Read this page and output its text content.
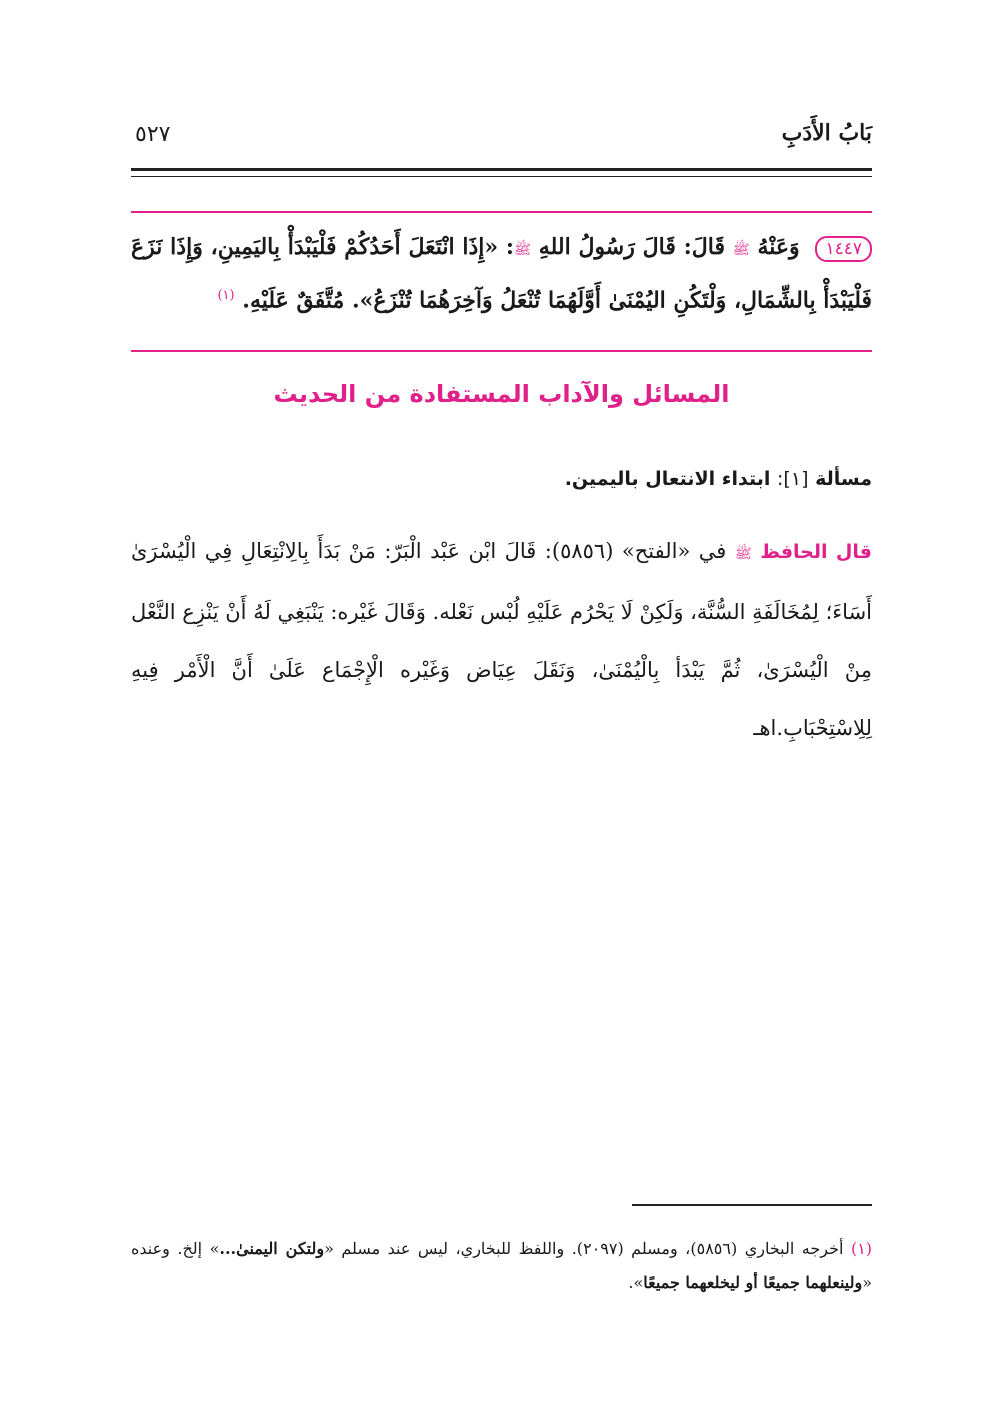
بَابُ الأَدَبِ
٥٢٧
١٤٤٧ وَعَنْهُ ﷺ قَالَ: قَالَ رَسُولُ اللهِ ﷺ: «إِذَا انْتَعَلَ أَحَدُكُمْ فَلْيَبْدَأْ بِاليَمِينِ، وَإِذَا نَزَعَ فَلْيَبْدَأْ بِالشِّمَالِ، وَلْتَكُنِ اليُمْنَىٰ أَوَّلَهُمَا تُنْعَلُ وَآخِرَهُمَا تُنْزَعُ». مُتَّفَقٌ عَلَيْهِ. $^{(١)}$
المسائل والآداب المستفادة من الحديث
مسألة [١]: ابتداء الانتعال باليمين.
قال الحافظ ﷺ في «الفتح» (٥٨٥٦): قَالَ ابْن عَبْد الْبَرّ: مَنْ بَدَأَ بِالِانْتِعَالِ فِي الْيُسْرَىٰ أَسَاءَ؛ لِمُخَالَفَةِ السُّنَّة، وَلَكِنْ لَا يَحْرُم عَلَيْهِ لُبْس نَعْله. وَقَالَ غَيْره: يَنْبَغِي لَهُ أَنْ يَنْزِع النَّعْل مِنْ الْيُسْرَىٰ، ثُمَّ يَبْدَأ بِالْيُمْنَىٰ، وَنَقَلَ عِيَاض وَغَيْره الْإِجْمَاع عَلَىٰ أَنَّ الْأَمْر فِيهِ لِلِاسْتِحْبَابِ.اهـ
(١) أخرجه البخاري (٥٨٥٦)، ومسلم (٢٠٩٧). واللفظ للبخاري، ليس عند مسلم «ولتكن اليمنىٰ...» إلخ. وعنده «ولينعلهما جميعًا أو ليخلعهما جميعًا».
